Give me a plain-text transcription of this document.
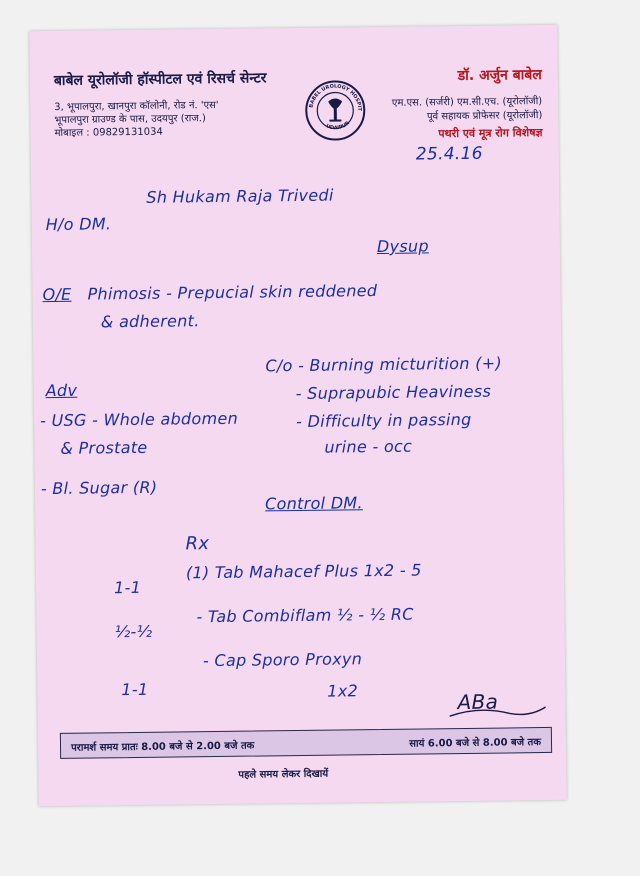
बाबेल यूरोलॉजी हॉस्पीटल एवं रिसर्च सेन्टर
3, भूपालपुरा, खानपुरा कॉलोनी, रोड नं. 'एस'
भूपालपुरा ग्राउण्ड के पास, उदयपुर (राज.)
मोबाइल : 09829131034
BABEL UROLOGY HOSPITAL
UDAIPUR
डॉ. अर्जुन बाबेल
एम.एस. (सर्जरी) एम.सी.एच. (यूरोलॉजी)
पूर्व सहायक प्रोफेसर (यूरोलॉजी)
पथरी एवं मूत्र रोग विशेषज्ञ
25.4.16
Sh Hukam Raja Trivedi
H/o DM.
Dysup
O/E Phimosis - Prepucial skin reddened
& adherent.
C/o - Burning micturition (+)
- Suprapubic Heaviness
- Difficulty in passing
urine - occ
Adv
- USG - Whole abdomen
& Prostate
- Bl. Sugar (R)
Control DM.
Rx
1-1
(1) Tab Mahacef Plus 1x2 - 5
½-½
- Tab Combiflam ½ - ½ RC
1-1
- Cap Sporo Proxyn
1x2	ABa
परामर्श समय प्रातः 8.00 बजे से 2.00 बजे तक	सायं 6.00 बजे से 8.00 बजे तक
पहले समय लेकर दिखायें
